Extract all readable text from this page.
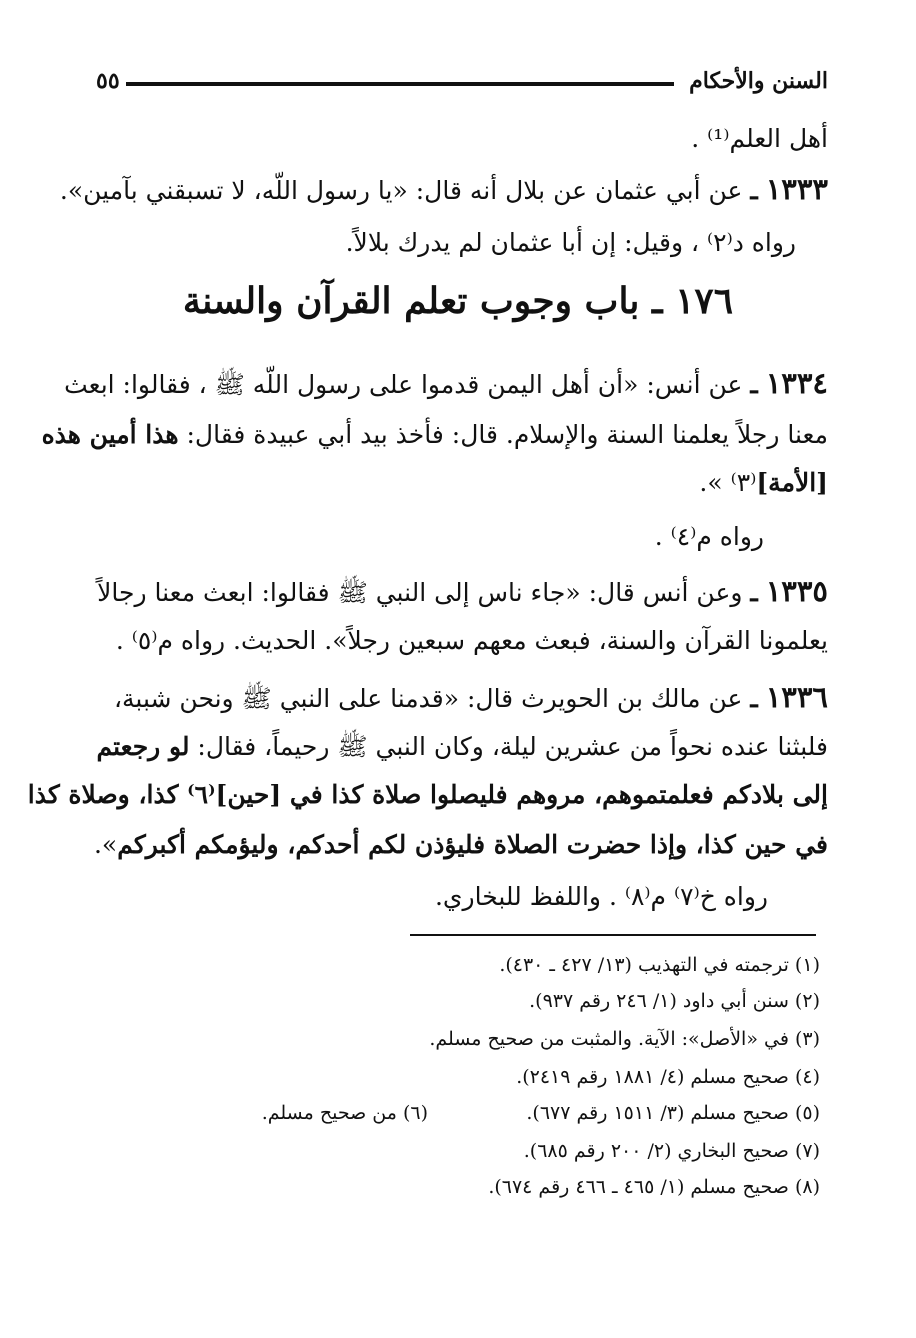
السنن والأحكام
٥٥
أهل العلم⁽¹⁾ .
١٣٣٣ ـ عن أبي عثمان عن بلال أنه قال: «يا رسول اللّه، لا تسبقني بآمين».
رواه د⁽٢⁾ ، وقيل: إن أبا عثمان لم يدرك بلالاً.
١٧٦ ـ باب وجوب تعلم القرآن والسنة
١٣٣٤ ـ عن أنس: «أن أهل اليمن قدموا على رسول اللّه ﷺ ، فقالوا: ابعث
معنا رجلاً يعلمنا السنة والإسلام. قال: فأخذ بيد أبي عبيدة فقال: هذا أمين هذه
[الأمة]⁽٣⁾ ».
رواه م⁽٤⁾ .
١٣٣٥ ـ وعن أنس قال: «جاء ناس إلى النبي ﷺ فقالوا: ابعث معنا رجالاً
يعلمونا القرآن والسنة، فبعث معهم سبعين رجلاً». الحديث. رواه م⁽٥⁾ .
١٣٣٦ ـ عن مالك بن الحويرث قال: «قدمنا على النبي ﷺ ونحن شببة،
فلبثنا عنده نحواً من عشرين ليلة، وكان النبي ﷺ رحيماً، فقال: لو رجعتم
إلى بلادكم فعلمتموهم، مروهم فليصلوا صلاة كذا في [حين]⁽٦⁾ كذا، وصلاة كذا
في حين كذا، وإذا حضرت الصلاة فليؤذن لكم أحدكم، وليؤمكم أكبركم».
رواه خ⁽٧⁾ م⁽٨⁾ . واللفظ للبخاري.
(١) ترجمته في التهذيب (١٣/ ٤٢٧ ـ ٤٣٠).
(٢) سنن أبي داود (١/ ٢٤٦ رقم ٩٣٧).
(٣) في «الأصل»: الآية. والمثبت من صحيح مسلم.
(٤) صحيح مسلم (٤/ ١٨٨١ رقم ٢٤١٩).
(٥) صحيح مسلم (٣/ ١٥١١ رقم ٦٧٧).
(٦) من صحيح مسلم.
(٧) صحيح البخاري (٢/ ٢٠٠ رقم ٦٨٥).
(٨) صحيح مسلم (١/ ٤٦٥ ـ ٤٦٦ رقم ٦٧٤).
